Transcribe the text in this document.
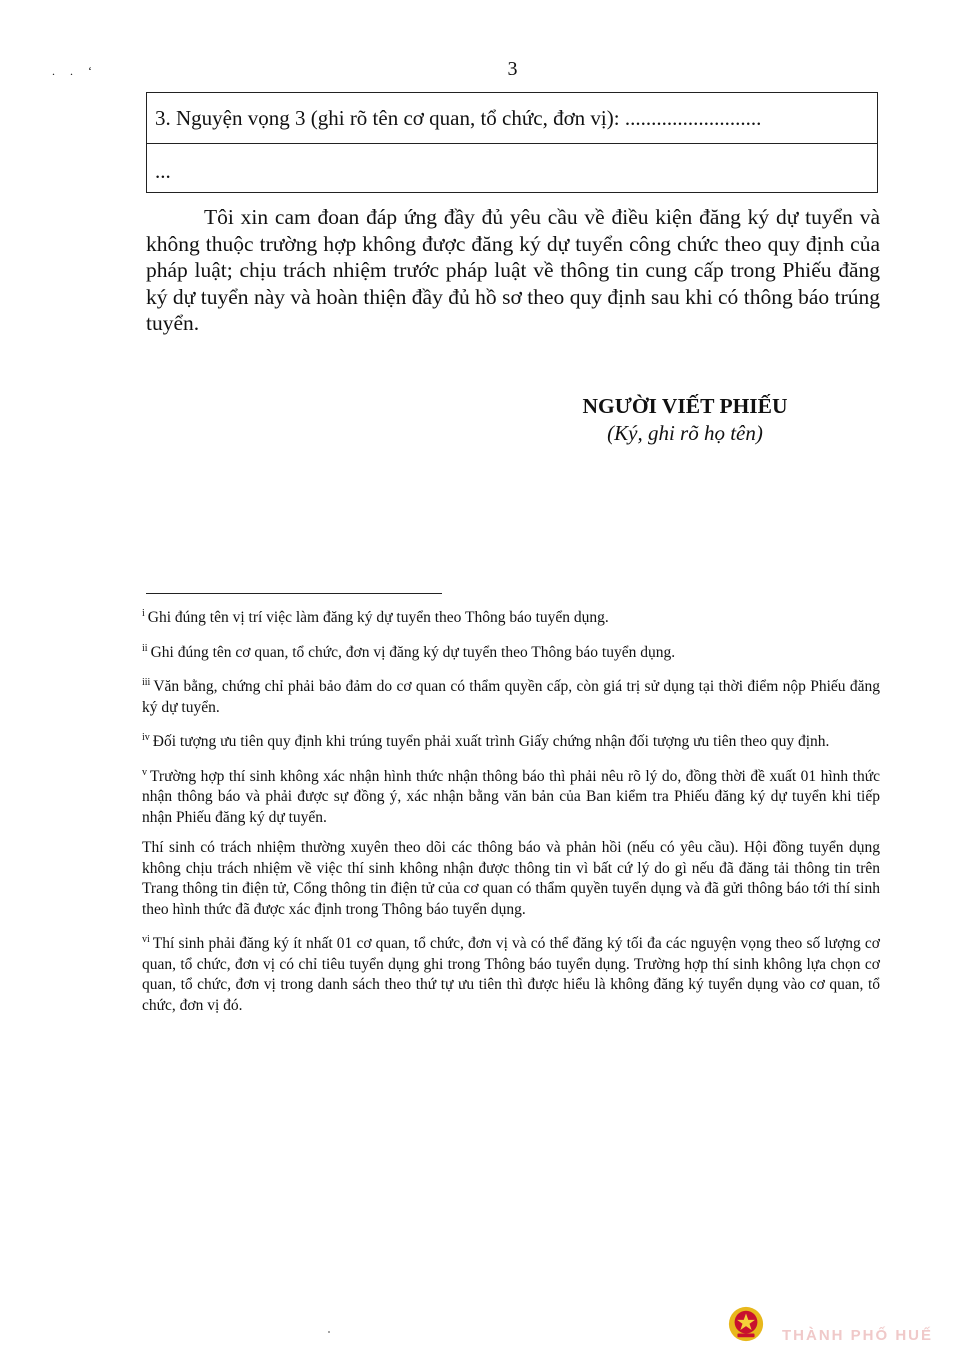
. . ‘	3
3. Nguyện vọng 3 (ghi rõ tên cơ quan, tổ chức, đơn vị): ..........................
...

Tôi xin cam đoan đáp ứng đầy đủ yêu cầu về điều kiện đăng ký dự tuyển và không thuộc trường hợp không được đăng ký dự tuyển công chức theo quy định của pháp luật; chịu trách nhiệm trước pháp luật về thông tin cung cấp trong Phiếu đăng ký dự tuyển này và hoàn thiện đầy đủ hồ sơ theo quy định sau khi có thông báo trúng tuyển.

NGƯỜI VIẾT PHIẾU
(Ký, ghi rõ họ tên)

$^i$ Ghi đúng tên vị trí việc làm đăng ký dự tuyển theo Thông báo tuyển dụng.

$^{ii}$ Ghi đúng tên cơ quan, tổ chức, đơn vị đăng ký dự tuyển theo Thông báo tuyển dụng.

$^{iii}$ Văn bằng, chứng chỉ phải bảo đảm do cơ quan có thẩm quyền cấp, còn giá trị sử dụng tại thời điểm nộp Phiếu đăng ký dự tuyển.

$^{iv}$ Đối tượng ưu tiên quy định khi trúng tuyển phải xuất trình Giấy chứng nhận đối tượng ưu tiên theo quy định.

$^v$ Trường hợp thí sinh không xác nhận hình thức nhận thông báo thì phải nêu rõ lý do, đồng thời đề xuất 01 hình thức nhận thông báo và phải được sự đồng ý, xác nhận bằng văn bản của Ban kiểm tra Phiếu đăng ký dự tuyển khi tiếp nhận Phiếu đăng ký dự tuyển.

Thí sinh có trách nhiệm thường xuyên theo dõi các thông báo và phản hồi (nếu có yêu cầu). Hội đồng tuyển dụng không chịu trách nhiệm về việc thí sinh không nhận được thông tin vì bất cứ lý do gì nếu đã đăng tải thông tin trên Trang thông tin điện tử, Cổng thông tin điện tử của cơ quan có thẩm quyền tuyển dụng và đã gửi thông báo tới thí sinh theo hình thức đã được xác định trong Thông báo tuyển dụng.

$^{vi}$ Thí sinh phải đăng ký ít nhất 01 cơ quan, tổ chức, đơn vị và có thể đăng ký tối đa các nguyện vọng theo số lượng cơ quan, tổ chức, đơn vị có chỉ tiêu tuyển dụng ghi trong Thông báo tuyển dụng. Trường hợp thí sinh không lựa chọn cơ quan, tổ chức, đơn vị trong danh sách theo thứ tự ưu tiên thì được hiểu là không đăng ký tuyển dụng vào cơ quan, tổ chức, đơn vị đó.

THÀNH PHỐ HUẾ
